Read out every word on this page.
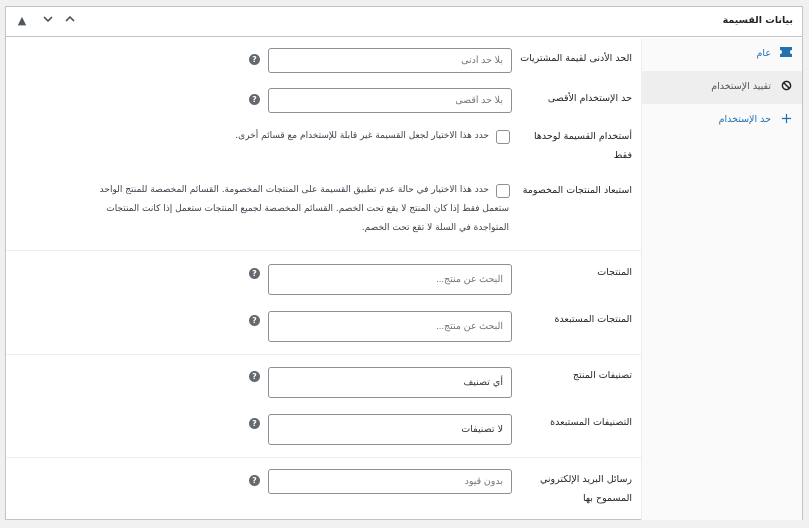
بيانات القسيمة
▲
عام
تقييد الإستخدام
حد الإستخدام
الحد الأدنى لقيمة المشتريات
بلا حد أدنى
?
حد الإستخدام الأقصى
بلا حد أقصى
?
أستخدام القسيمة لوحدها
فقط
حدد هذا الاختيار لجعل القسيمة غير قابلة للإستخدام مع قسائم أخرى.
استبعاد المنتجات المخصومة
حدد هذا الاختيار في حالة عدم تطبيق القسيمة على المنتجات المخصومة. القسائم المخصصة للمنتج الواحد
ستعمل فقط إذا كان المنتج لا يقع تحت الخصم. القسائم المخصصة لجميع المنتجات ستعمل إذا كانت المنتجات
المتواجدة في السلة لا تقع تحت الخصم.
المنتجات
البحث عن منتج...
?
المنتجات المستبعدة
البحث عن منتج...
?
تصنيفات المنتج
أي تصنيف
?
التصنيفات المستبعدة
لا تصنيفات
?
رسائل البريد الإلكتروني
المسموح بها
بدون قيود
?
